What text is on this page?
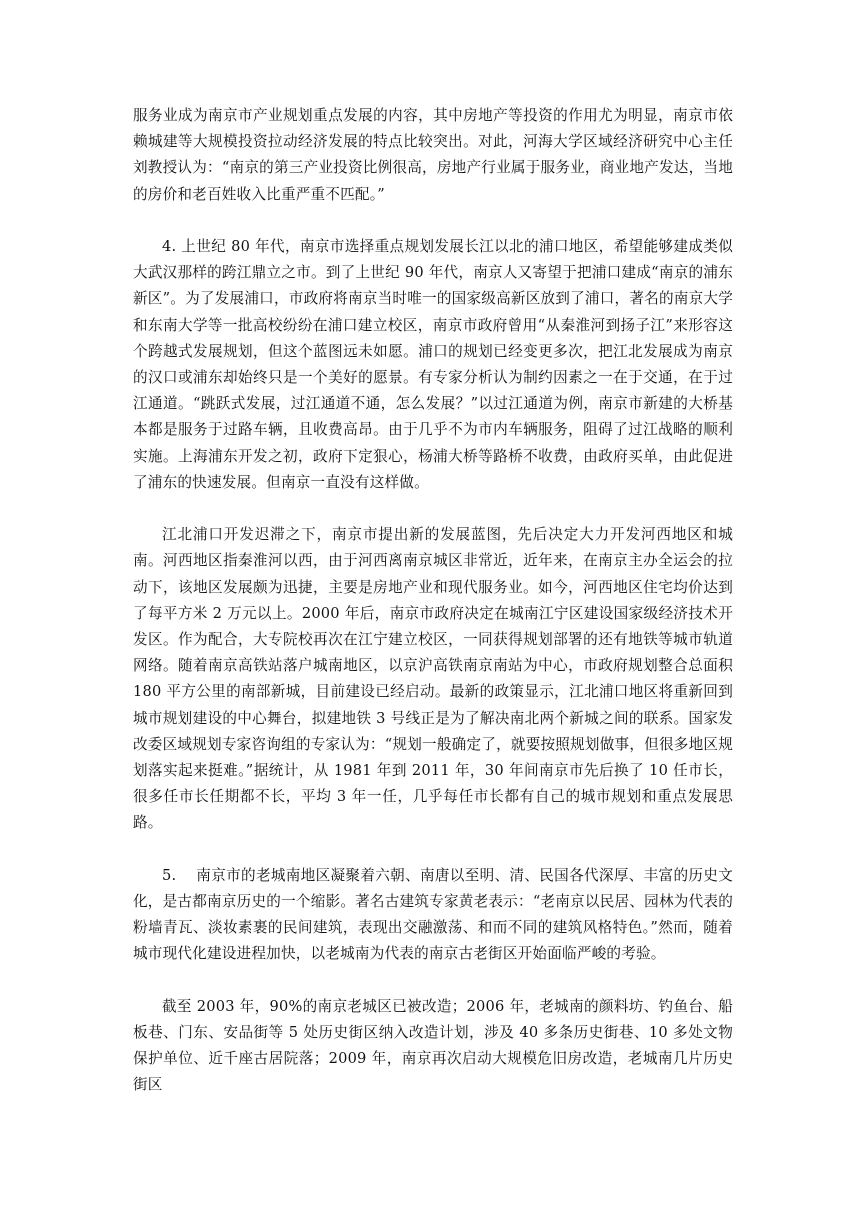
服务业成为南京市产业规划重点发展的内容，其中房地产等投资的作用尤为明显，南京市依赖城建等大规模投资拉动经济发展的特点比较突出。对此，河海大学区域经济研究中心主任刘教授认为：“南京的第三产业投资比例很高，房地产行业属于服务业，商业地产发达，当地的房价和老百姓收入比重严重不匹配。”

4. 上世纪 80 年代，南京市选择重点规划发展长江以北的浦口地区，希望能够建成类似大武汉那样的跨江鼎立之市。到了上世纪 90 年代，南京人又寄望于把浦口建成“南京的浦东新区”。为了发展浦口，市政府将南京当时唯一的国家级高新区放到了浦口，著名的南京大学和东南大学等一批高校纷纷在浦口建立校区，南京市政府曾用“从秦淮河到扬子江”来形容这个跨越式发展规划，但这个蓝图远未如愿。浦口的规划已经变更多次，把江北发展成为南京的汉口或浦东却始终只是一个美好的愿景。有专家分析认为制约因素之一在于交通，在于过江通道。“跳跃式发展，过江通道不通，怎么发展？”以过江通道为例，南京市新建的大桥基本都是服务于过路车辆，且收费高昂。由于几乎不为市内车辆服务，阻碍了过江战略的顺利实施。上海浦东开发之初，政府下定狠心，杨浦大桥等路桥不收费，由政府买单，由此促进了浦东的快速发展。但南京一直没有这样做。

江北浦口开发迟滞之下，南京市提出新的发展蓝图，先后决定大力开发河西地区和城南。河西地区指秦淮河以西，由于河西离南京城区非常近，近年来，在南京主办全运会的拉动下，该地区发展颇为迅捷，主要是房地产业和现代服务业。如今，河西地区住宅均价达到了每平方米 2 万元以上。2000 年后，南京市政府决定在城南江宁区建设国家级经济技术开发区。作为配合，大专院校再次在江宁建立校区，一同获得规划部署的还有地铁等城市轨道网络。随着南京高铁站落户城南地区，以京沪高铁南京南站为中心，市政府规划整合总面积 180 平方公里的南部新城，目前建设已经启动。最新的政策显示，江北浦口地区将重新回到城市规划建设的中心舞台，拟建地铁 3 号线正是为了解决南北两个新城之间的联系。国家发改委区域规划专家咨询组的专家认为：“规划一般确定了，就要按照规划做事，但很多地区规划落实起来挺难。”据统计，从 1981 年到 2011 年，30 年间南京市先后换了 10 任市长，很多任市长任期都不长，平均 3 年一任，几乎每任市长都有自己的城市规划和重点发展思路。

5.　 南京市的老城南地区凝聚着六朝、南唐以至明、清、民国各代深厚、丰富的历史文化，是古都南京历史的一个缩影。著名古建筑专家黄老表示：“老南京以民居、园林为代表的粉墙青瓦、淡妆素裹的民间建筑，表现出交融激荡、和而不同的建筑风格特色。”然而，随着城市现代化建设进程加快，以老城南为代表的南京古老街区开始面临严峻的考验。

截至 2003 年，90%的南京老城区已被改造；2006 年，老城南的颜料坊、钓鱼台、船板巷、门东、安品街等 5 处历史街区纳入改造计划，涉及 40 多条历史街巷、10 多处文物保护单位、近千座古居院落；2009 年，南京再次启动大规模危旧房改造，老城南几片历史街区
